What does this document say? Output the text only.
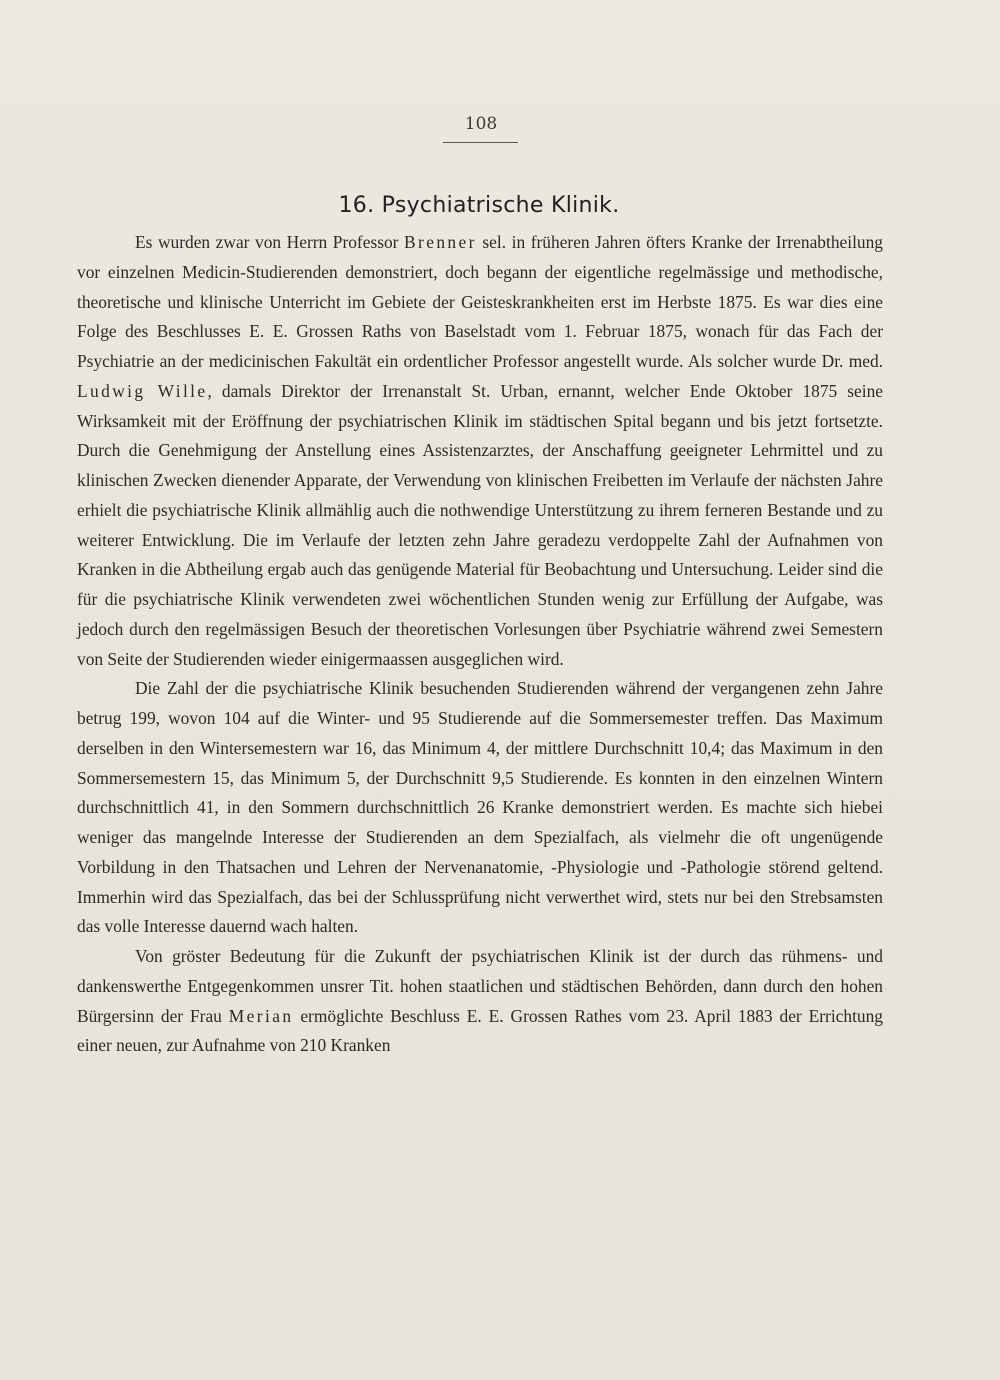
108
16. Psychiatrische Klinik.

Es wurden zwar von Herrn Professor Brenner sel. in früheren Jahren öfters Kranke der Irrenabtheilung vor einzelnen Medicin-Studierenden demonstriert, doch begann der eigentliche regelmässige und methodische, theoretische und klinische Unterricht im Gebiete der Geisteskrankheiten erst im Herbste 1875. Es war dies eine Folge des Beschlusses E. E. Grossen Raths von Baselstadt vom 1. Februar 1875, wonach für das Fach der Psychiatrie an der medicinischen Fakultät ein ordentlicher Professor angestellt wurde. Als solcher wurde Dr. med. Ludwig Wille, damals Direktor der Irrenanstalt St. Urban, ernannt, welcher Ende Oktober 1875 seine Wirksamkeit mit der Eröffnung der psychiatrischen Klinik im städtischen Spital begann und bis jetzt fortsetzte. Durch die Genehmigung der Anstellung eines Assistenzarztes, der Anschaffung geeigneter Lehrmittel und zu klinischen Zwecken dienender Apparate, der Verwendung von klinischen Freibetten im Verlaufe der nächsten Jahre erhielt die psychiatrische Klinik allmählig auch die nothwendige Unterstützung zu ihrem ferneren Bestande und zu weiterer Entwicklung. Die im Verlaufe der letzten zehn Jahre geradezu verdoppelte Zahl der Aufnahmen von Kranken in die Abtheilung ergab auch das genügende Material für Beobachtung und Untersuchung. Leider sind die für die psychiatrische Klinik verwendeten zwei wöchentlichen Stunden wenig zur Erfüllung der Aufgabe, was jedoch durch den regelmässigen Besuch der theoretischen Vorlesungen über Psychiatrie während zwei Semestern von Seite der Studierenden wieder einigermaassen ausgeglichen wird.

Die Zahl der die psychiatrische Klinik besuchenden Studierenden während der vergangenen zehn Jahre betrug 199, wovon 104 auf die Winter- und 95 Studierende auf die Sommersemester treffen. Das Maximum derselben in den Wintersemestern war 16, das Minimum 4, der mittlere Durchschnitt 10,4; das Maximum in den Sommersemestern 15, das Minimum 5, der Durchschnitt 9,5 Studierende. Es konnten in den einzelnen Wintern durchschnittlich 41, in den Sommern durchschnittlich 26 Kranke demonstriert werden. Es machte sich hiebei weniger das mangelnde Interesse der Studierenden an dem Spezialfach, als vielmehr die oft ungenügende Vorbildung in den Thatsachen und Lehren der Nervenanatomie, -Physiologie und -Pathologie störend geltend. Immerhin wird das Spezialfach, das bei der Schlussprüfung nicht verwerthet wird, stets nur bei den Strebsamsten das volle Interesse dauernd wach halten.

Von gröster Bedeutung für die Zukunft der psychiatrischen Klinik ist der durch das rühmens- und dankenswerthe Entgegenkommen unsrer Tit. hohen staatlichen und städtischen Behörden, dann durch den hohen Bürgersinn der Frau Merian ermöglichte Beschluss E. E. Grossen Rathes vom 23. April 1883 der Errichtung einer neuen, zur Aufnahme von 210 Kranken
